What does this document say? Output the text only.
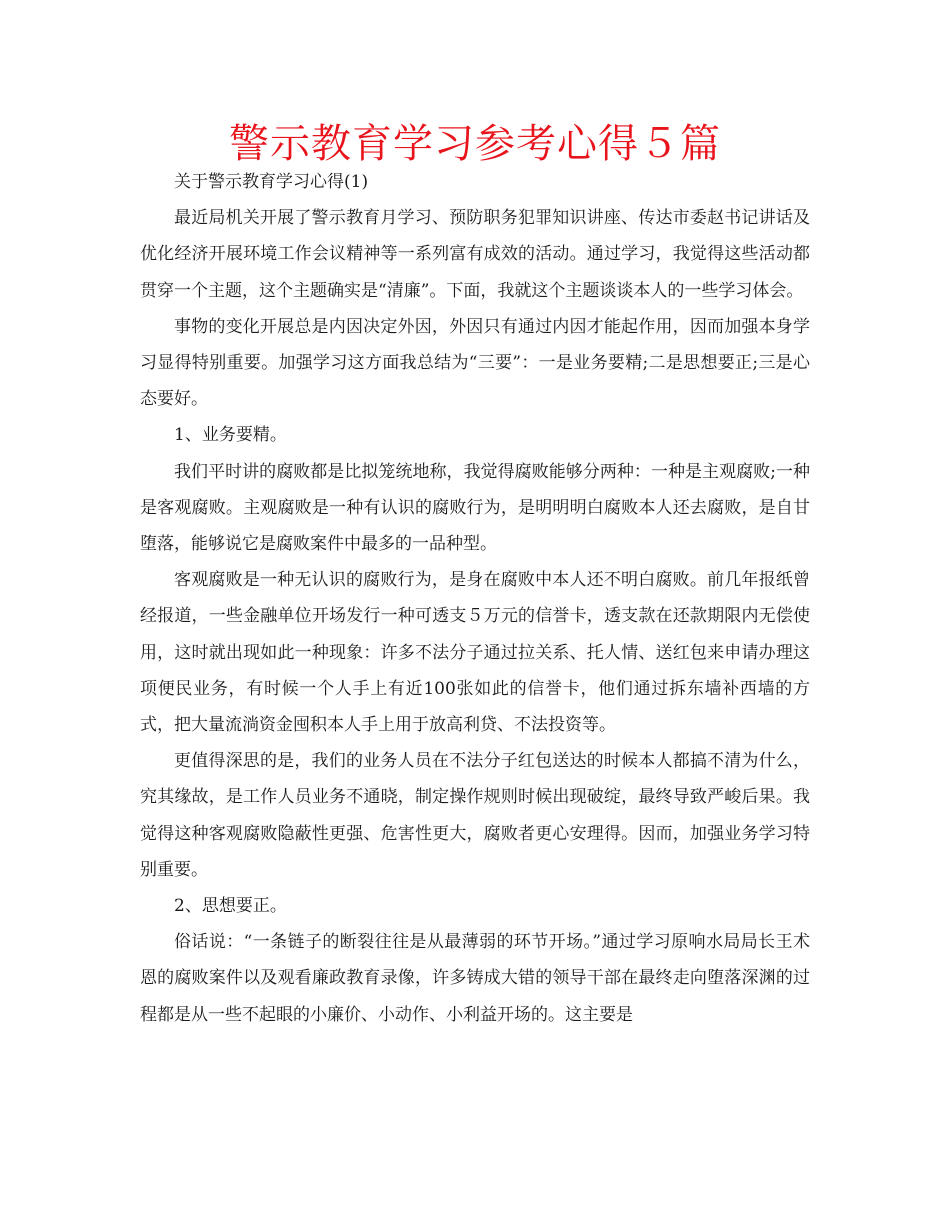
警示教育学习参考心得５篇

关于警示教育学习心得(1)

最近局机关开展了警示教育月学习、预防职务犯罪知识讲座、传达市委赵书记讲话及优化经济开展环境工作会议精神等一系列富有成效的活动。通过学习，我觉得这些活动都贯穿一个主题，这个主题确实是“清廉”。下面，我就这个主题谈谈本人的一些学习体会。

事物的变化开展总是内因决定外因，外因只有通过内因才能起作用，因而加强本身学习显得特别重要。加强学习这方面我总结为“三要”：一是业务要精;二是思想要正;三是心态要好。

1、业务要精。

我们平时讲的腐败都是比拟笼统地称，我觉得腐败能够分两种：一种是主观腐败;一种是客观腐败。主观腐败是一种有认识的腐败行为，是明明明白腐败本人还去腐败，是自甘堕落，能够说它是腐败案件中最多的一品种型。

客观腐败是一种无认识的腐败行为，是身在腐败中本人还不明白腐败。前几年报纸曾经报道，一些金融单位开场发行一种可透支５万元的信誉卡，透支款在还款期限内无偿使用，这时就出现如此一种现象：许多不法分子通过拉关系、托人情、送红包来申请办理这项便民业务，有时候一个人手上有近100张如此的信誉卡，他们通过拆东墙补西墙的方式，把大量流淌资金囤积本人手上用于放高利贷、不法投资等。

更值得深思的是，我们的业务人员在不法分子红包送达的时候本人都搞不清为什么，究其缘故，是工作人员业务不通晓，制定操作规则时候出现破绽，最终导致严峻后果。我觉得这种客观腐败隐蔽性更强、危害性更大，腐败者更心安理得。因而，加强业务学习特别重要。

2、思想要正。

俗话说：“一条链子的断裂往往是从最薄弱的环节开场。”通过学习原响水局局长王术恩的腐败案件以及观看廉政教育录像，许多铸成大错的领导干部在最终走向堕落深渊的过程都是从一些不起眼的小廉价、小动作、小利益开场的。这主要是
